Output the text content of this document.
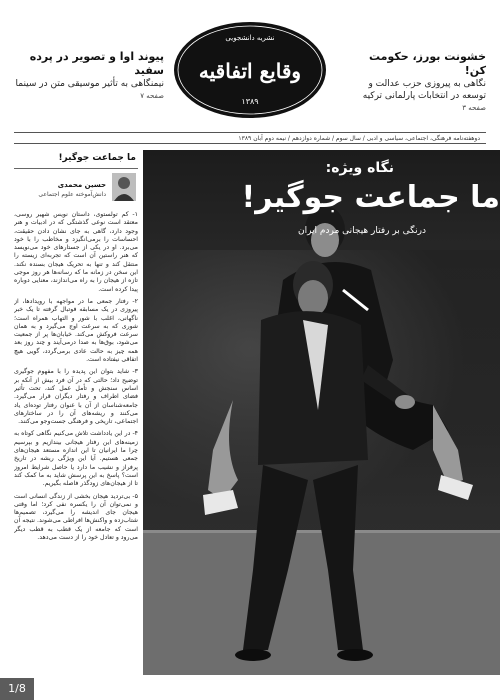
نشریه دانشجویی
وقایع اتفاقیه
۱۳۸۹
خشونت بورز، حکومت کن!
نگاهی به پیروزی حزب عدالت و توسعه در انتخابات پارلمانی ترکیه
صفحه ۳
پیوند اوا و تصویر در پرده سفید
نیمنگاهی به تأثیر موسیقی متن در سینما
صفحه ۷
دوهفته‌نامه فرهنگی، اجتماعی، سیاسی و ادبی / سال سوم / شماره دوازدهم / نیمه دوم آبان ۱۳۸۹
نگاه ویژه:
ما جماعت جوگیر!
درنگی بر رفتار هیجانی مردم ایران
ما جماعت جوگیر!
حسین محمدی
دانش‌آموخته علوم اجتماعی

۱- کم تولستوی، داستان نویس شهیر روسی، معتقد است نوعی گذشتگی که در ادبیات و هنر وجود دارد، گاهی به جای نشان دادن حقیقت، احساسات را برمی‌انگیزد و مخاطب را با خود می‌برد. او در یکی از جستارهای خود می‌نویسد که هنر راستین آن است که تجربه‌ای زیسته را منتقل کند و تنها به تحریک هیجان بسنده نکند. این سخن در زمانه ما که رسانه‌ها هر روز موجی تازه از هیجان را به راه می‌اندازند، معنایی دوباره پیدا کرده است.

۲- رفتار جمعی ما در مواجهه با رویدادها، از پیروزی در یک مسابقه فوتبال گرفته تا یک خبر ناگهانی، اغلب با شور و التهاب همراه است؛ شوری که به سرعت اوج می‌گیرد و به همان سرعت فروکش می‌کند. خیابان‌ها پر از جمعیت می‌شود، بوق‌ها به صدا درمی‌آیند و چند روز بعد همه چیز به حالت عادی برمی‌گردد، گویی هیچ اتفاقی نیفتاده است.

۳- شاید بتوان این پدیده را با مفهوم جوگیری توضیح داد؛ حالتی که در آن فرد بیش از آنکه بر اساس سنجش و تأمل عمل کند، تحت تأثیر فضای اطراف و رفتار دیگران قرار می‌گیرد. جامعه‌شناسان از آن با عنوان رفتار توده‌ای یاد می‌کنند و ریشه‌های آن را در ساختارهای اجتماعی، تاریخی و فرهنگی جست‌وجو می‌کنند.

۴- در این یادداشت تلاش می‌کنیم نگاهی کوتاه به زمینه‌های این رفتار هیجانی بیندازیم و بپرسیم چرا ما ایرانیان تا این اندازه مستعد هیجان‌های جمعی هستیم. آیا این ویژگی ریشه در تاریخ پرفراز و نشیب ما دارد یا حاصل شرایط امروز است؟ پاسخ به این پرسش شاید به ما کمک کند تا از هیجان‌های زودگذر فاصله بگیریم.

۵- بی‌تردید هیجان بخشی از زندگی انسانی است و نمی‌توان آن را یکسره نفی کرد؛ اما وقتی هیجان جای اندیشه را می‌گیرد، تصمیم‌ها شتاب‌زده و واکنش‌ها افراطی می‌شوند. نتیجه آن است که جامعه از یک قطب به قطب دیگر می‌رود و تعادل خود را از دست می‌دهد.

1/8
